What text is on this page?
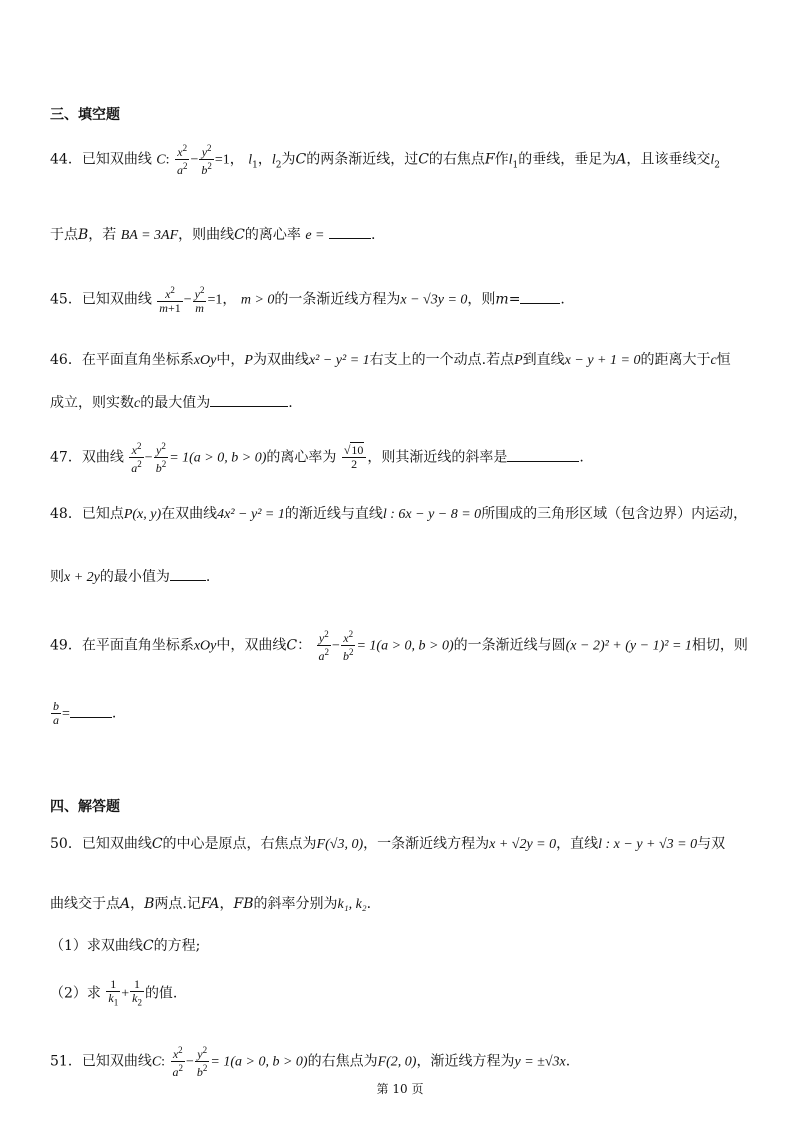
三、填空题
44．已知双曲线 C: $\frac{x^2}{a^2} - \frac{y^2}{b^2} =1$， $l_1$，$l_2$为C的两条渐近线，过C的右焦点F作$l_1$的垂线，垂足为A，且该垂线交$l_2$
于点B，若 BA = 3AF，则曲线C的离心率 e =	.
45．已知双曲线 $\frac{x^2}{m+1} - \frac{y^2}{m} =1$， m > 0的一条渐近线方程为x − √3y = 0，则m=	.
46．在平面直角坐标系xOy中，P为双曲线x² − y² = 1右支上的一个动点.若点P到直线x − y + 1 = 0的距离大于c恒
成立，则实数c的最大值为	.
47．双曲线 $\frac{x^2}{a^2} - \frac{y^2}{b^2} = 1(a > 0$, b > 0)的离心率为 $\frac{√10}{2}$ ，则其渐近线的斜率是	.
48．已知点P(x, y)在双曲线4x² − y² = 1的渐近线与直线l : 6x − y − 8 = 0所围成的三角形区域（包含边界）内运动，
则x + 2y的最小值为	.
49．在平面直角坐标系xOy中，双曲线C： $\frac{y^2}{a^2} - \frac{x^2}{b^2} = 1(a > 0$, b > 0)的一条渐近线与圆(x − 2)² + (y − 1)² = 1相切，则
$\frac{b}{a}$ =	.
四、解答题
50．已知双曲线C的中心是原点，右焦点为F(√3, 0)，一条渐近线方程为x + √2y = 0，直线l : x − y + √3 = 0与双
曲线交于点A，B两点.记FA，FB的斜率分别为k₁, k₂.
（1）求双曲线C的方程;
（2）求 $\frac{1}{k_1} + \frac{1}{k_2}$ 的值.
51．已知双曲线C: $\frac{x^2}{a^2} - \frac{y^2}{b^2} = 1(a > 0$, b > 0)的右焦点为F(2, 0)，渐近线方程为y = ±√3x.
第 10 页
